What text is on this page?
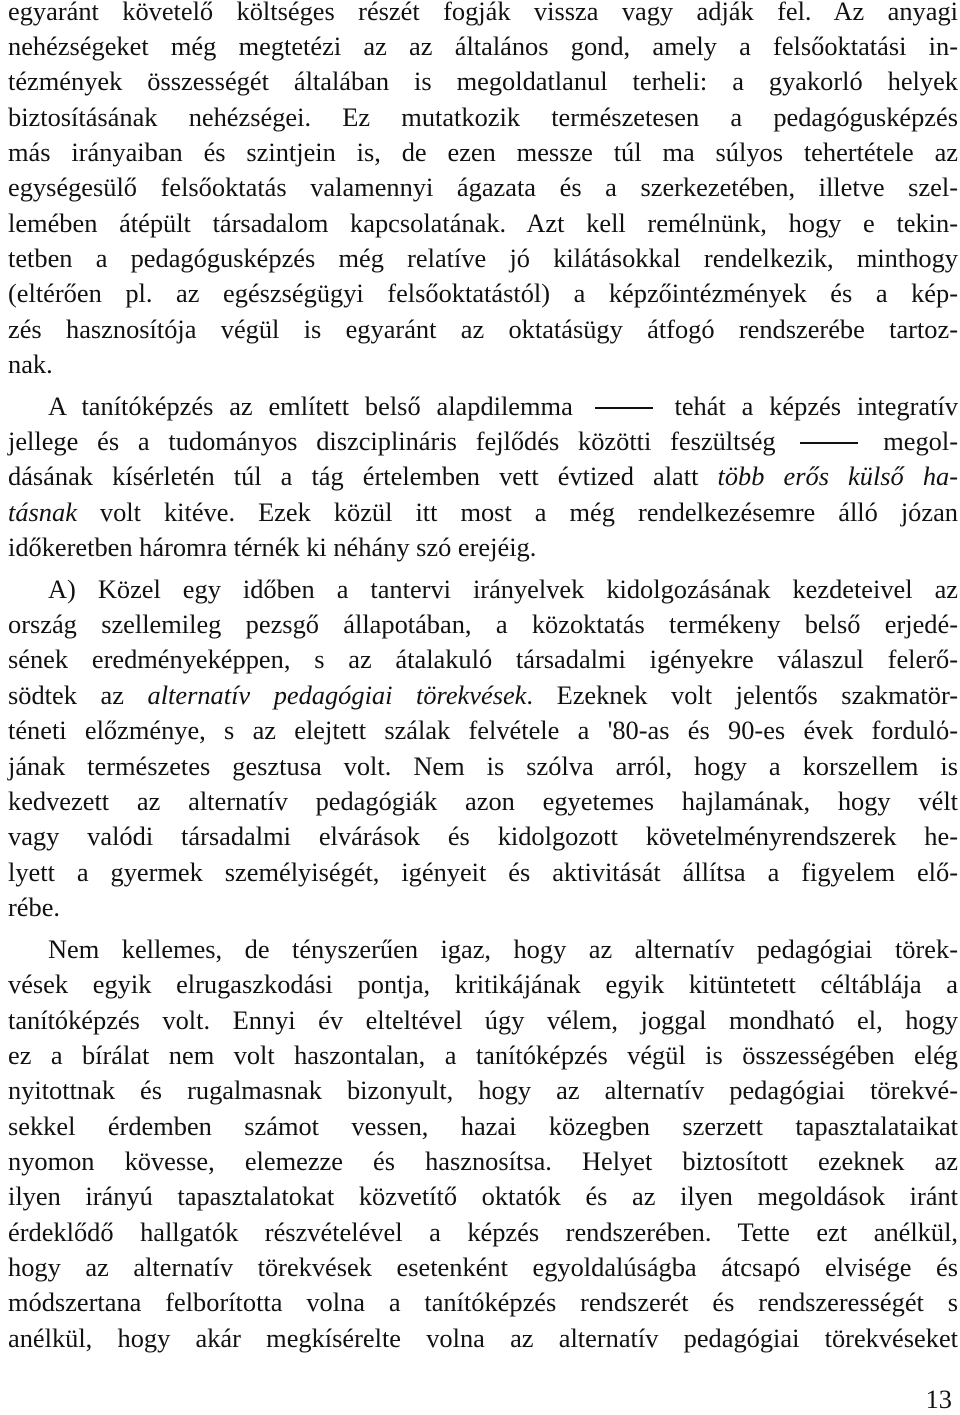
egyaránt követelő költséges részét fogják vissza vagy adják fel. Az anyagi
nehézségeket még megtetézi az az általános gond, amely a felsőoktatási in-
tézmények összességét általában is megoldatlanul terheli: a gyakorló helyek
biztosításának nehézségei. Ez mutatkozik természetesen a pedagógusképzés
más irányaiban és szintjein is, de ezen messze túl ma súlyos tehertétele az
egységesülő felsőoktatás valamennyi ágazata és a szerkezetében, illetve szel-
lemében átépült társadalom kapcsolatának. Azt kell remélnünk, hogy e tekin-
tetben a pedagógusképzés még relatíve jó kilátásokkal rendelkezik, minthogy
(eltérően pl. az egészségügyi felsőoktatástól) a képzőintézmények és a kép-
zés hasznosítója végül is egyaránt az oktatásügy átfogó rendszerébe tartoz-
nak.
A tanítóképzés az említett belső alapdilemma	tehát a képzés integratív
jellege és a tudományos diszciplináris fejlődés közötti feszültség	megol-
dásának kísérletén túl a tág értelemben vett évtized alatt több erős külső ha-
tásnak volt kitéve. Ezek közül itt most a még rendelkezésemre álló józan
időkeretben háromra térnék ki néhány szó erejéig.
A) Közel egy időben a tantervi irányelvek kidolgozásának kezdeteivel az
ország szellemileg pezsgő állapotában, a közoktatás termékeny belső erjedé-
sének eredményeképpen, s az átalakuló társadalmi igényekre válaszul felerő-
södtek az alternatív pedagógiai törekvések. Ezeknek volt jelentős szakmatör-
téneti előzménye, s az elejtett szálak felvétele a '80-as és 90-es évek fordulό-
jának természetes gesztusa volt. Nem is szólva arról, hogy a korszellem is
kedvezett az alternatív pedagógiák azon egyetemes hajlamának, hogy vélt
vagy valódi társadalmi elvárások és kidolgozott követelményrendszerek he-
lyett a gyermek személyiségét, igényeit és aktivitását állítsa a figyelem elő-
rébe.
Nem kellemes, de tényszerűen igaz, hogy az alternatív pedagógiai törek-
vések egyik elrugaszkodási pontja, kritikájának egyik kitüntetett céltáblája a
tanítóképzés volt. Ennyi év elteltével úgy vélem, joggal mondható el, hogy
ez a bírálat nem volt haszontalan, a tanítóképzés végül is összességében elég
nyitottnak és rugalmasnak bizonyult, hogy az alternatív pedagógiai törekvé-
sekkel érdemben számot vessen, hazai közegben szerzett tapasztalataikat
nyomon kövesse, elemezze és hasznosítsa. Helyet biztosított ezeknek az
ilyen irányú tapasztalatokat közvetítő oktatók és az ilyen megoldások iránt
érdeklődő hallgatók részvételével a képzés rendszerében. Tette ezt anélkül,
hogy az alternatív törekvések esetenként egyoldalúságba átcsapó elvisége és
módszertana felborította volna a tanítóképzés rendszerét és rendszerességét s
anélkül, hogy akár megkísérelte volna az alternatív pedagógiai törekvéseket
13
